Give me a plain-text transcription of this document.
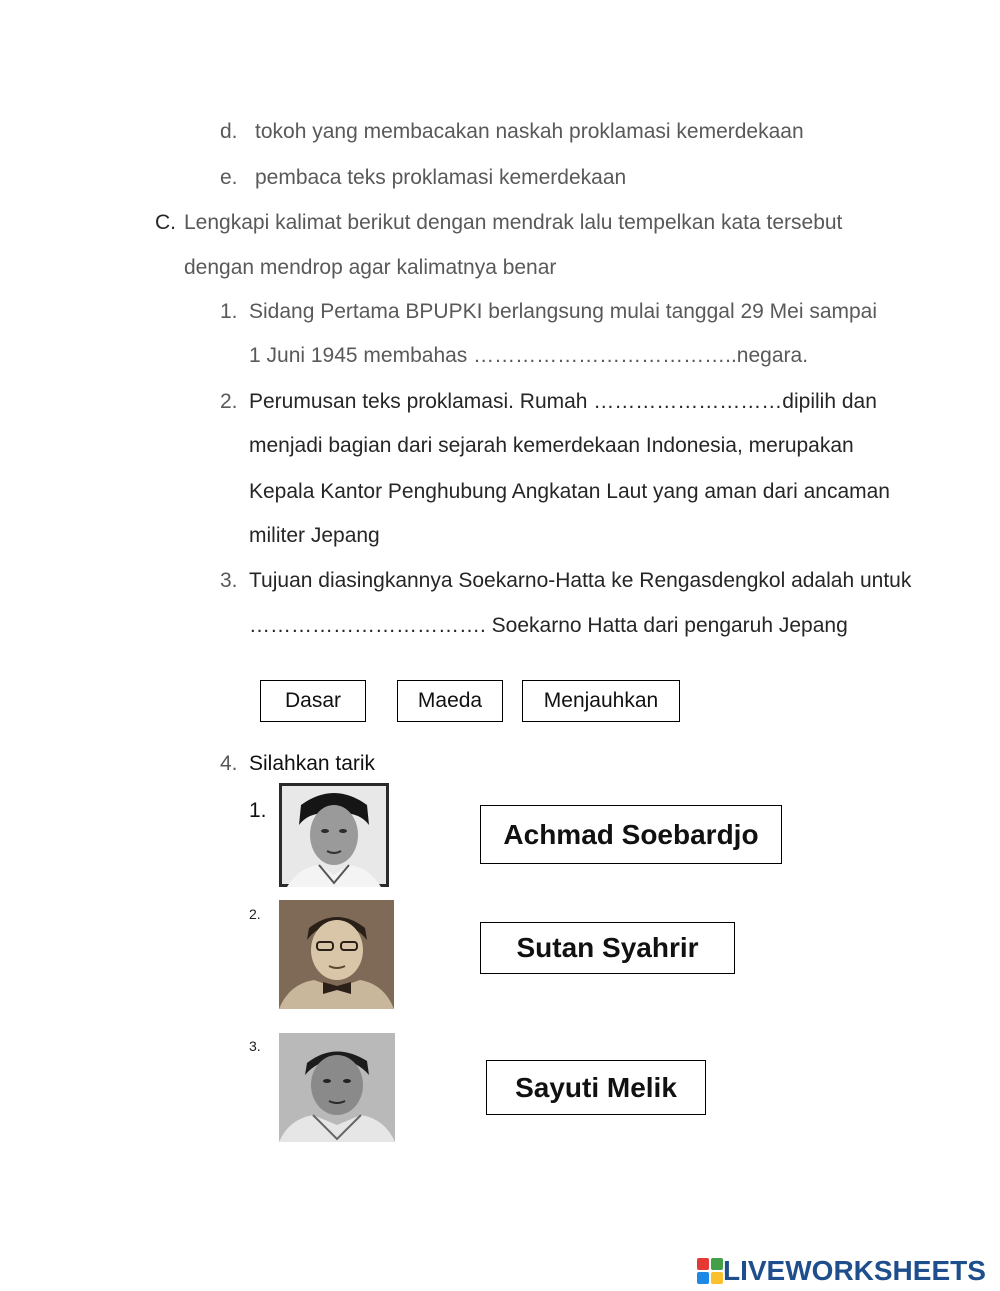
d. tokoh yang membacakan naskah proklamasi kemerdekaan
e. pembaca teks proklamasi kemerdekaan
C. Lengkapi kalimat berikut dengan mendrak lalu tempelkan kata tersebut
dengan mendrop agar kalimatnya benar
1. Sidang Pertama BPUPKI berlangsung mulai tanggal 29 Mei sampai
1 Juni 1945 membahas ………………………………..negara.
2. Perumusan teks proklamasi. Rumah ………………………dipilih dan
menjadi bagian dari sejarah kemerdekaan Indonesia, merupakan
Kepala Kantor Penghubung Angkatan Laut yang aman dari ancaman
militer Jepang
3. Tujuan diasingkannya Soekarno-Hatta ke Rengasdengkol adalah untuk
……………………………. Soekarno Hatta dari pengaruh Jepang
Dasar	Maeda	Menjauhkan
4. Silahkan tarik
1.
Achmad Soebardjo
2.
Sutan Syahrir
3.
Sayuti Melik
LIVEWORKSHEETS
